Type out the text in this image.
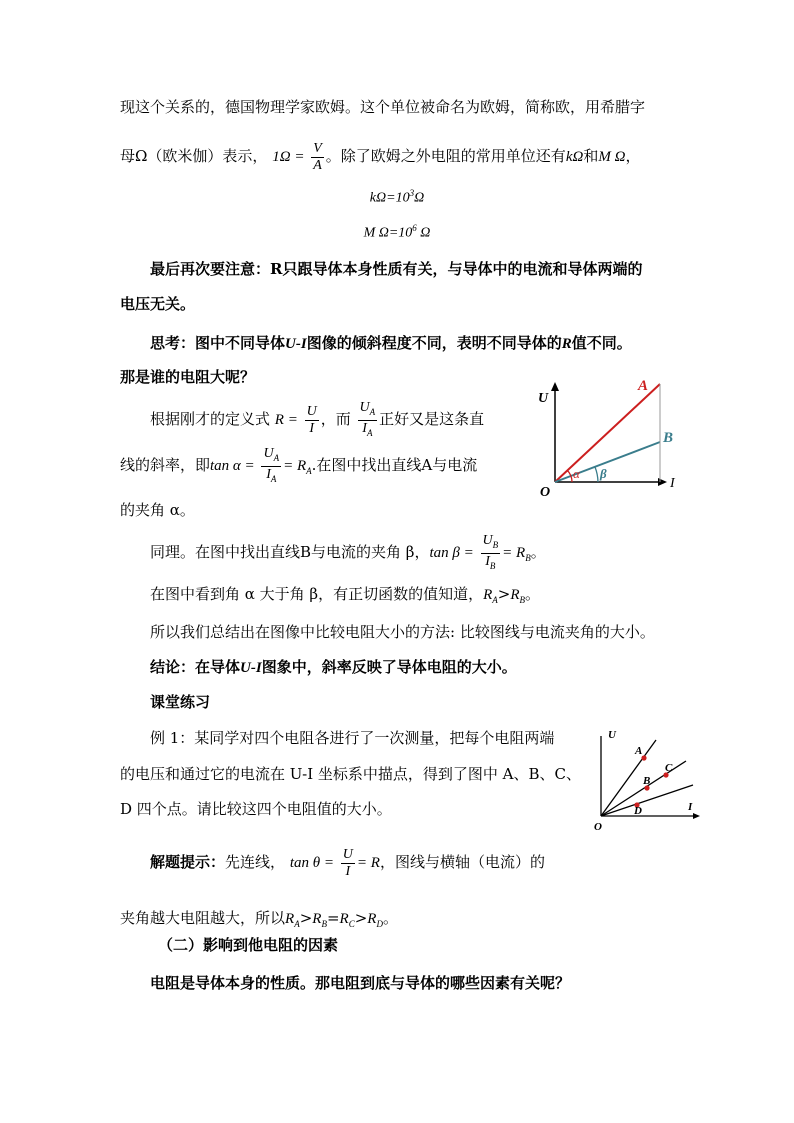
现这个关系的，德国物理学家欧姆。这个单位被命名为欧姆，简称欧，用希腊字
母Ω（欧米伽）表示， $1\Omega = \frac{V}{A}$ 。除了欧姆之外电阻的常用单位还有kΩ和M Ω，
$k\Omega=10^3\Omega$
M $\Omega=10^6$ Ω
最后再次要注意：R只跟导体本身性质有关，与导体中的电流和导体两端的
电压无关。
思考：图中不同导体U-I图像的倾斜程度不同，表明不同导体的R值不同。
那是谁的电阻大呢？
根据刚才的定义式 $R = \frac{U}{I}$ ，而 $\frac{U_A}{I_A}$ 正好又是这条直
线的斜率，即$\tan \alpha = \frac{U_A}{I_A} = R_A$.在图中找出直线A与电流
的夹角 α。
同理。在图中找出直线B与电流的夹角 β，$\tan \beta = \frac{U_B}{I_B} = R_B$。
在图中看到角 α 大于角 β，有正切函数的值知道，$R_A>R_B$。
所以我们总结出在图像中比较电阻大小的方法: 比较图线与电流夹角的大小。
结论：在导体U-I图象中，斜率反映了导体电阻的大小。
课堂练习
例 1：某同学对四个电阻各进行了一次测量，把每个电阻两端
的电压和通过它的电流在 U-I 坐标系中描点，得到了图中 A、B、C、
D 四个点。请比较这四个电阻值的大小。
解题提示：先连线， $\tan \theta = \frac{U}{I} = R$，图线与横轴（电流）的
夹角越大电阻越大，所以$R_A>R_B=R_C>R_D$。
（二）影响到他电阻的因素
电阻是导体本身的性质。那电阻到底与导体的哪些因素有关呢？
U
I
O
A
B
α β
U
I
O
A
B
C
D
